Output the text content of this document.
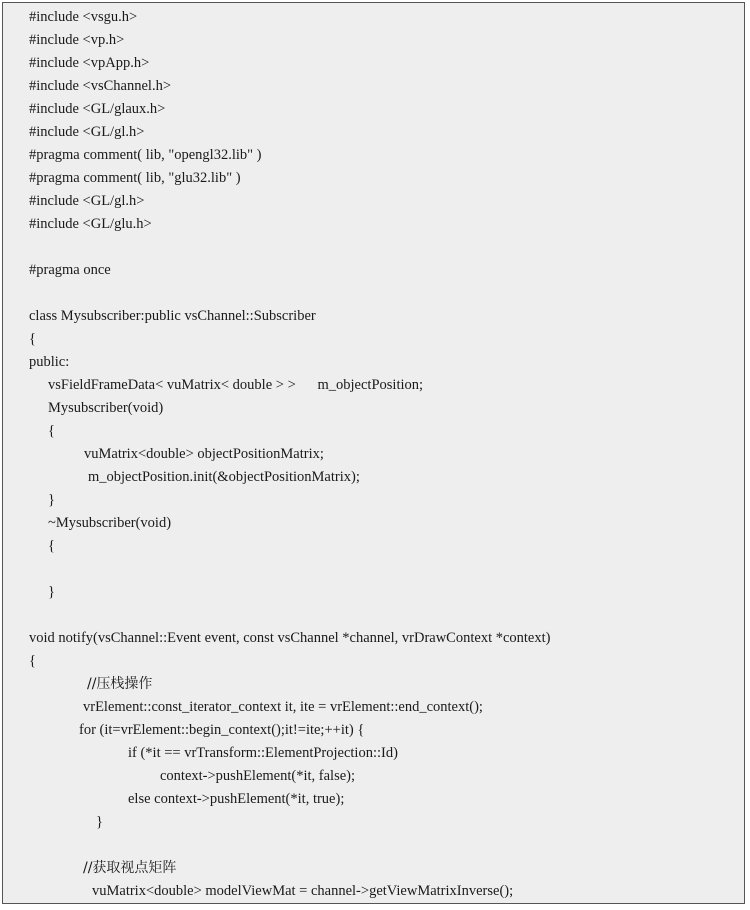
#include <vsgu.h>
#include <vp.h>
#include <vpApp.h>
#include <vsChannel.h>
#include <GL/glaux.h>
#include <GL/gl.h>
#pragma comment( lib, "opengl32.lib" )
#pragma comment( lib, "glu32.lib" )
#include <GL/gl.h>
#include <GL/glu.h>
#pragma once
class Mysubscriber:public vsChannel::Subscriber
{
public:
vsFieldFrameData< vuMatrix< double > >      m_objectPosition;
Mysubscriber(void)
{
vuMatrix<double> objectPositionMatrix;
m_objectPosition.init(&objectPositionMatrix);
}
~Mysubscriber(void)
{
}
void notify(vsChannel::Event event, const vsChannel *channel, vrDrawContext *context)
{
//压栈操作
vrElement::const_iterator_context it, ite = vrElement::end_context();
for (it=vrElement::begin_context();it!=ite;++it) {
if (*it == vrTransform::ElementProjection::Id)
context->pushElement(*it, false);
else context->pushElement(*it, true);
}
//获取视点矩阵
vuMatrix<double> modelViewMat = channel->getViewMatrixInverse();
